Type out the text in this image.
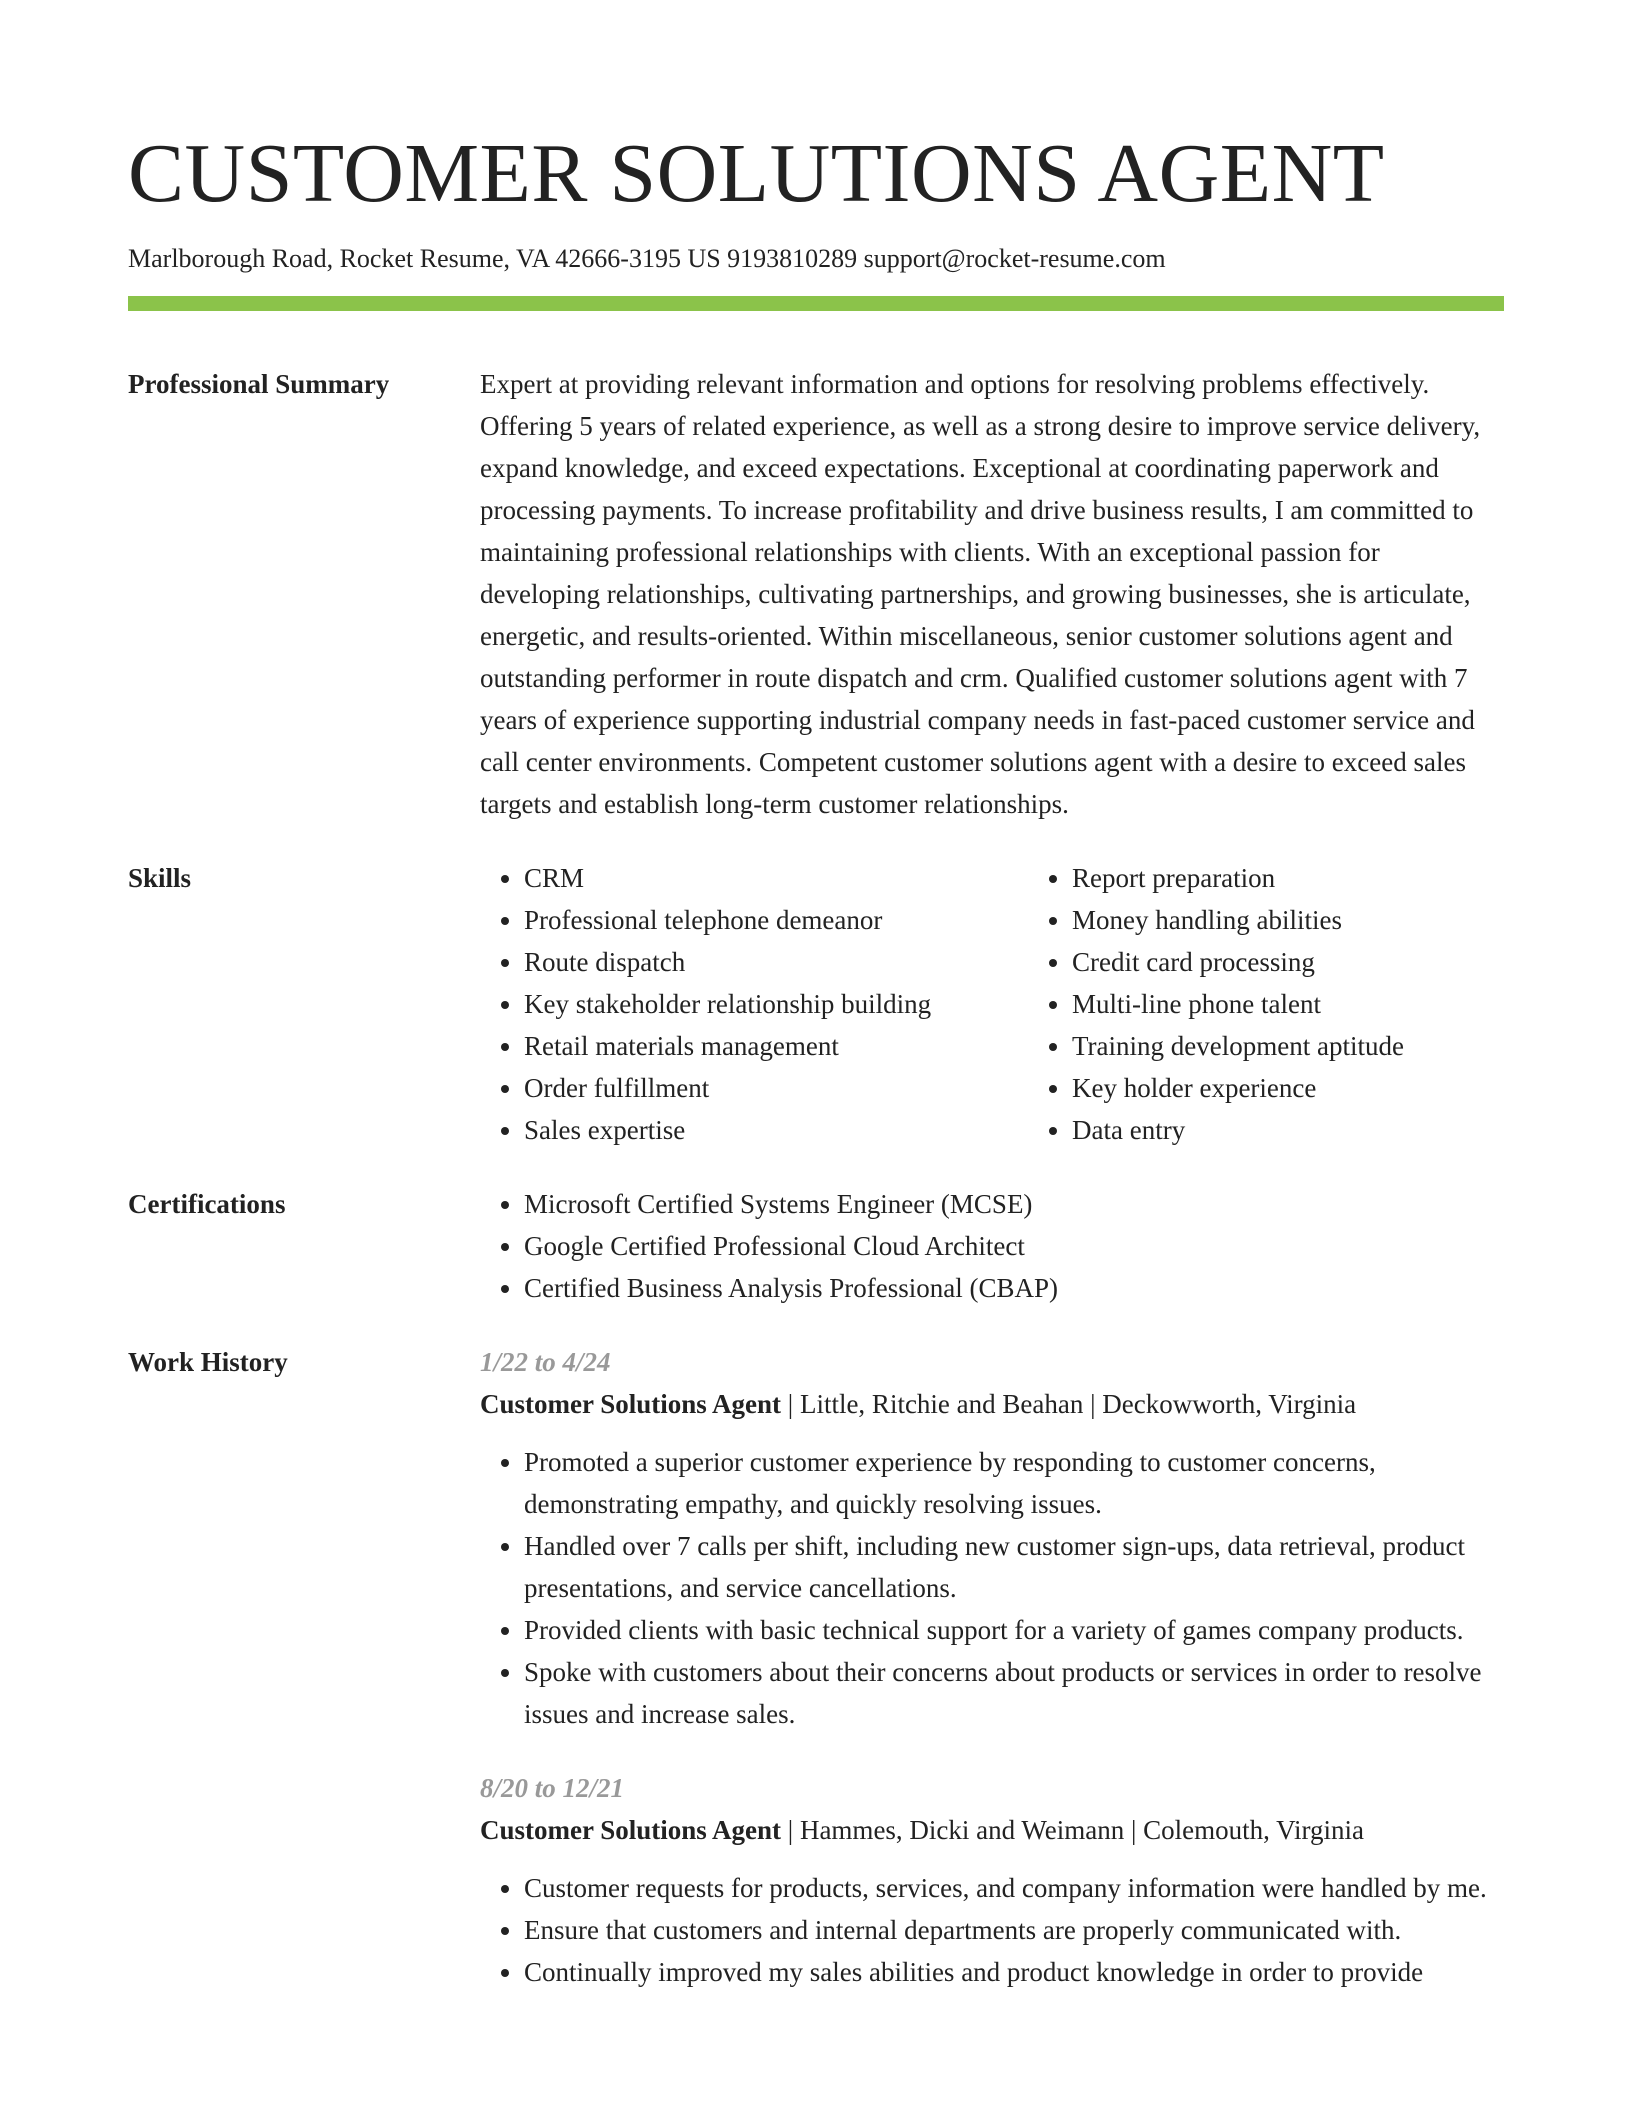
CUSTOMER SOLUTIONS AGENT
Marlborough Road, Rocket Resume, VA 42666-3195 US 9193810289 support@rocket-resume.com
Professional Summary	Expert at providing relevant information and options for resolving problems effectively. Offering 5 years of related experience, as well as a strong desire to improve service delivery, expand knowledge, and exceed expectations. Exceptional at coordinating paperwork and processing payments. To increase profitability and drive business results, I am committed to maintaining professional relationships with clients. With an exceptional passion for developing relationships, cultivating partnerships, and growing businesses, she is articulate, energetic, and results-oriented. Within miscellaneous, senior customer solutions agent and outstanding performer in route dispatch and crm. Qualified customer solutions agent with 7 years of experience supporting industrial company needs in fast-paced customer service and call center environments. Competent customer solutions agent with a desire to exceed sales targets and establish long-term customer relationships.
Skills	• CRM
• Professional telephone demeanor
• Route dispatch
• Key stakeholder relationship building
• Retail materials management
• Order fulfillment
• Sales expertise
• Report preparation
• Money handling abilities
• Credit card processing
• Multi-line phone talent
• Training development aptitude
• Key holder experience
• Data entry
Certifications	• Microsoft Certified Systems Engineer (MCSE)
• Google Certified Professional Cloud Architect
• Certified Business Analysis Professional (CBAP)
Work History	1/22 to 4/24
Customer Solutions Agent | Little, Ritchie and Beahan | Deckowworth, Virginia
• Promoted a superior customer experience by responding to customer concerns, demonstrating empathy, and quickly resolving issues.
• Handled over 7 calls per shift, including new customer sign-ups, data retrieval, product presentations, and service cancellations.
• Provided clients with basic technical support for a variety of games company products.
• Spoke with customers about their concerns about products or services in order to resolve issues and increase sales.
8/20 to 12/21
Customer Solutions Agent | Hammes, Dicki and Weimann | Colemouth, Virginia
• Customer requests for products, services, and company information were handled by me.
• Ensure that customers and internal departments are properly communicated with.
• Continually improved my sales abilities and product knowledge in order to provide
